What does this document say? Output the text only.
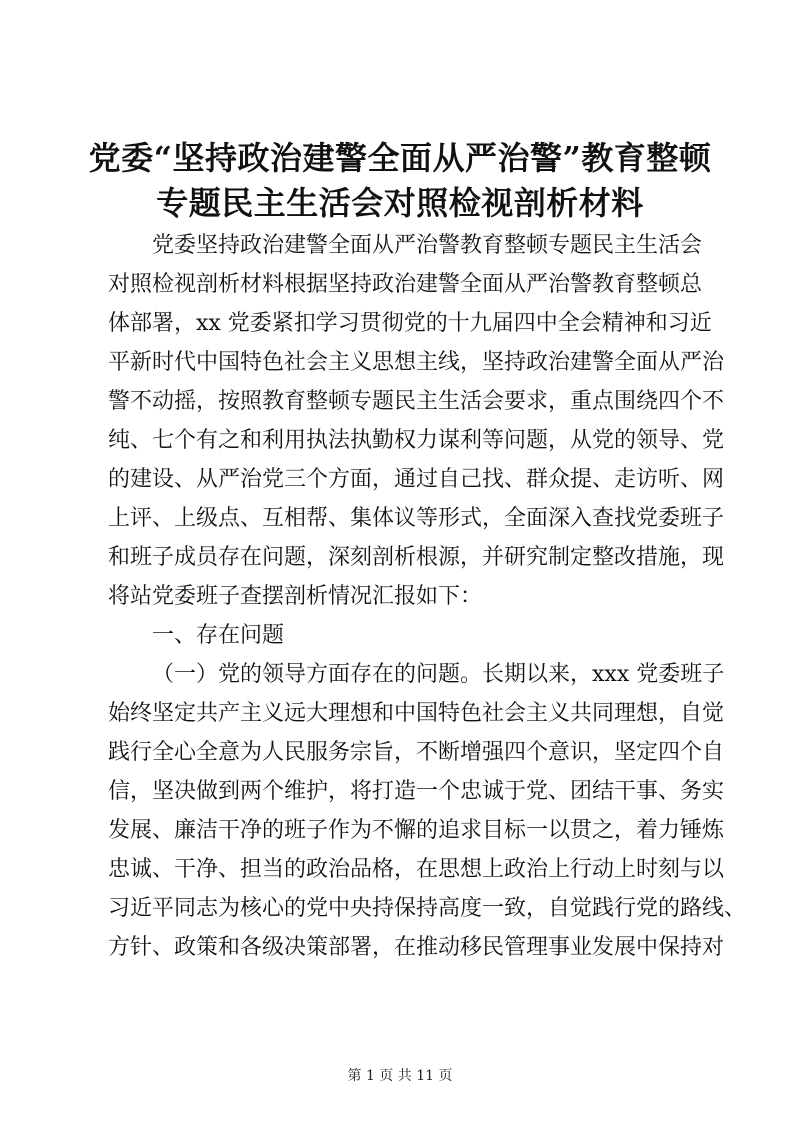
党委“坚持政治建警全面从严治警”教育整顿
专题民主生活会对照检视剖析材料

党委坚持政治建警全面从严治警教育整顿专题民主生活会

对照检视剖析材料根据坚持政治建警全面从严治警教育整顿总

体部署，xx 党委紧扣学习贯彻党的十九届四中全会精神和习近

平新时代中国特色社会主义思想主线，坚持政治建警全面从严治

警不动摇，按照教育整顿专题民主生活会要求，重点围绕四个不

纯、七个有之和利用执法执勤权力谋利等问题，从党的领导、党

的建设、从严治党三个方面，通过自己找、群众提、走访听、网

上评、上级点、互相帮、集体议等形式，全面深入查找党委班子

和班子成员存在问题，深刻剖析根源，并研究制定整改措施，现

将站党委班子查摆剖析情况汇报如下：

一、存在问题

（一）党的领导方面存在的问题。长期以来，xxx 党委班子

始终坚定共产主义远大理想和中国特色社会主义共同理想，自觉

践行全心全意为人民服务宗旨，不断增强四个意识，坚定四个自

信，坚决做到两个维护，将打造一个忠诚于党、团结干事、务实

发展、廉洁干净的班子作为不懈的追求目标一以贯之，着力锤炼

忠诚、干净、担当的政治品格，在思想上政治上行动上时刻与以

习近平同志为核心的党中央持保持高度一致，自觉践行党的路线、

方针、政策和各级决策部署，在推动移民管理事业发展中保持对

第 1 页 共 11 页
